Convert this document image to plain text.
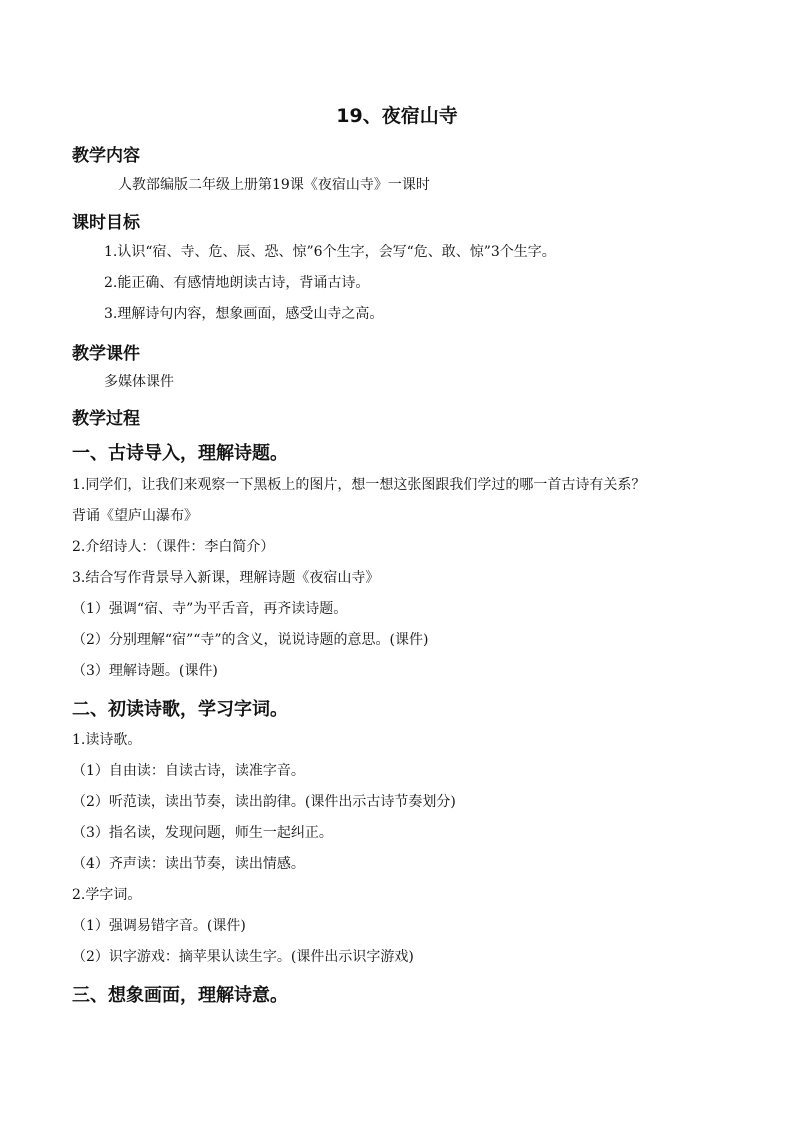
19、夜宿山寺
教学内容
人教部编版二年级上册第19课《夜宿山寺》一课时
课时目标
1.认识“宿、寺、危、辰、恐、惊”6个生字，会写“危、敢、惊”3个生字。
2.能正确、有感情地朗读古诗，背诵古诗。
3.理解诗句内容，想象画面，感受山寺之高。
教学课件
多媒体课件
教学过程
一、古诗导入，理解诗题。
1.同学们，让我们来观察一下黑板上的图片，想一想这张图跟我们学过的哪一首古诗有关系？
背诵《望庐山瀑布》
2.介绍诗人：（课件：李白简介）
3.结合写作背景导入新课，理解诗题《夜宿山寺》
（1）强调“宿、寺”为平舌音，再齐读诗题。
（2）分别理解“宿”“寺”的含义，说说诗题的意思。(课件)
（3）理解诗题。(课件)
二、初读诗歌，学习字词。
1.读诗歌。
（1）自由读：自读古诗，读准字音。
（2）听范读，读出节奏，读出韵律。(课件出示古诗节奏划分)
（3）指名读，发现问题，师生一起纠正。
（4）齐声读：读出节奏，读出情感。
2.学字词。
（1）强调易错字音。(课件)
（2）识字游戏：摘苹果认读生字。(课件出示识字游戏)
三、想象画面，理解诗意。
